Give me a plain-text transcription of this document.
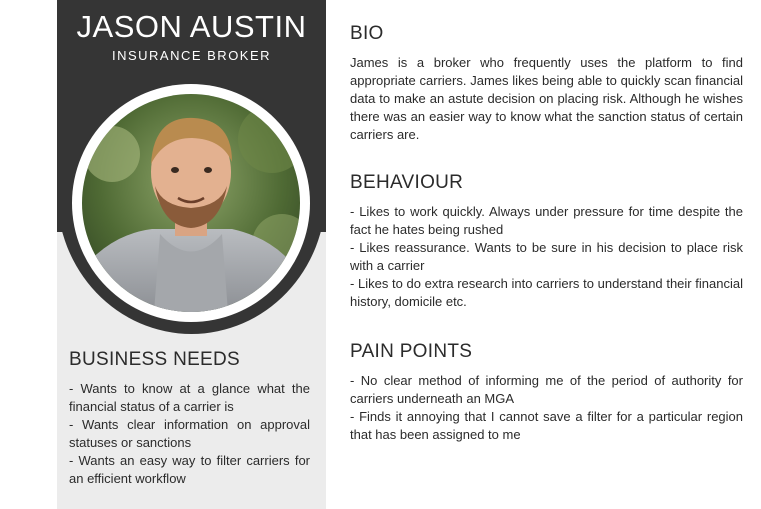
JASON AUSTIN
INSURANCE BROKER
BUSINESS NEEDS
- Wants to know at a glance what the financial status of a carrier is
- Wants clear information on approval statuses or sanctions
- Wants an easy way to filter carriers for an efficient workflow
BIO

James is a broker who frequently uses the platform to find appropriate carriers. James likes being able to quickly scan financial data to make an astute decision on placing risk. Although he wishes there was an easier way to know what the sanction status of certain carriers are.

BEHAVIOUR
- Likes to work quickly. Always under pressure for time despite the fact he hates being rushed
- Likes reassurance. Wants to be sure in his decision to place risk with a carrier
- Likes to do extra research into carriers to understand their financial history, domicile etc.
PAIN POINTS
- No clear method of informing me of the period of authority for carriers underneath an MGA
- Finds it annoying that I cannot save a filter for a particular region that has been assigned to me
